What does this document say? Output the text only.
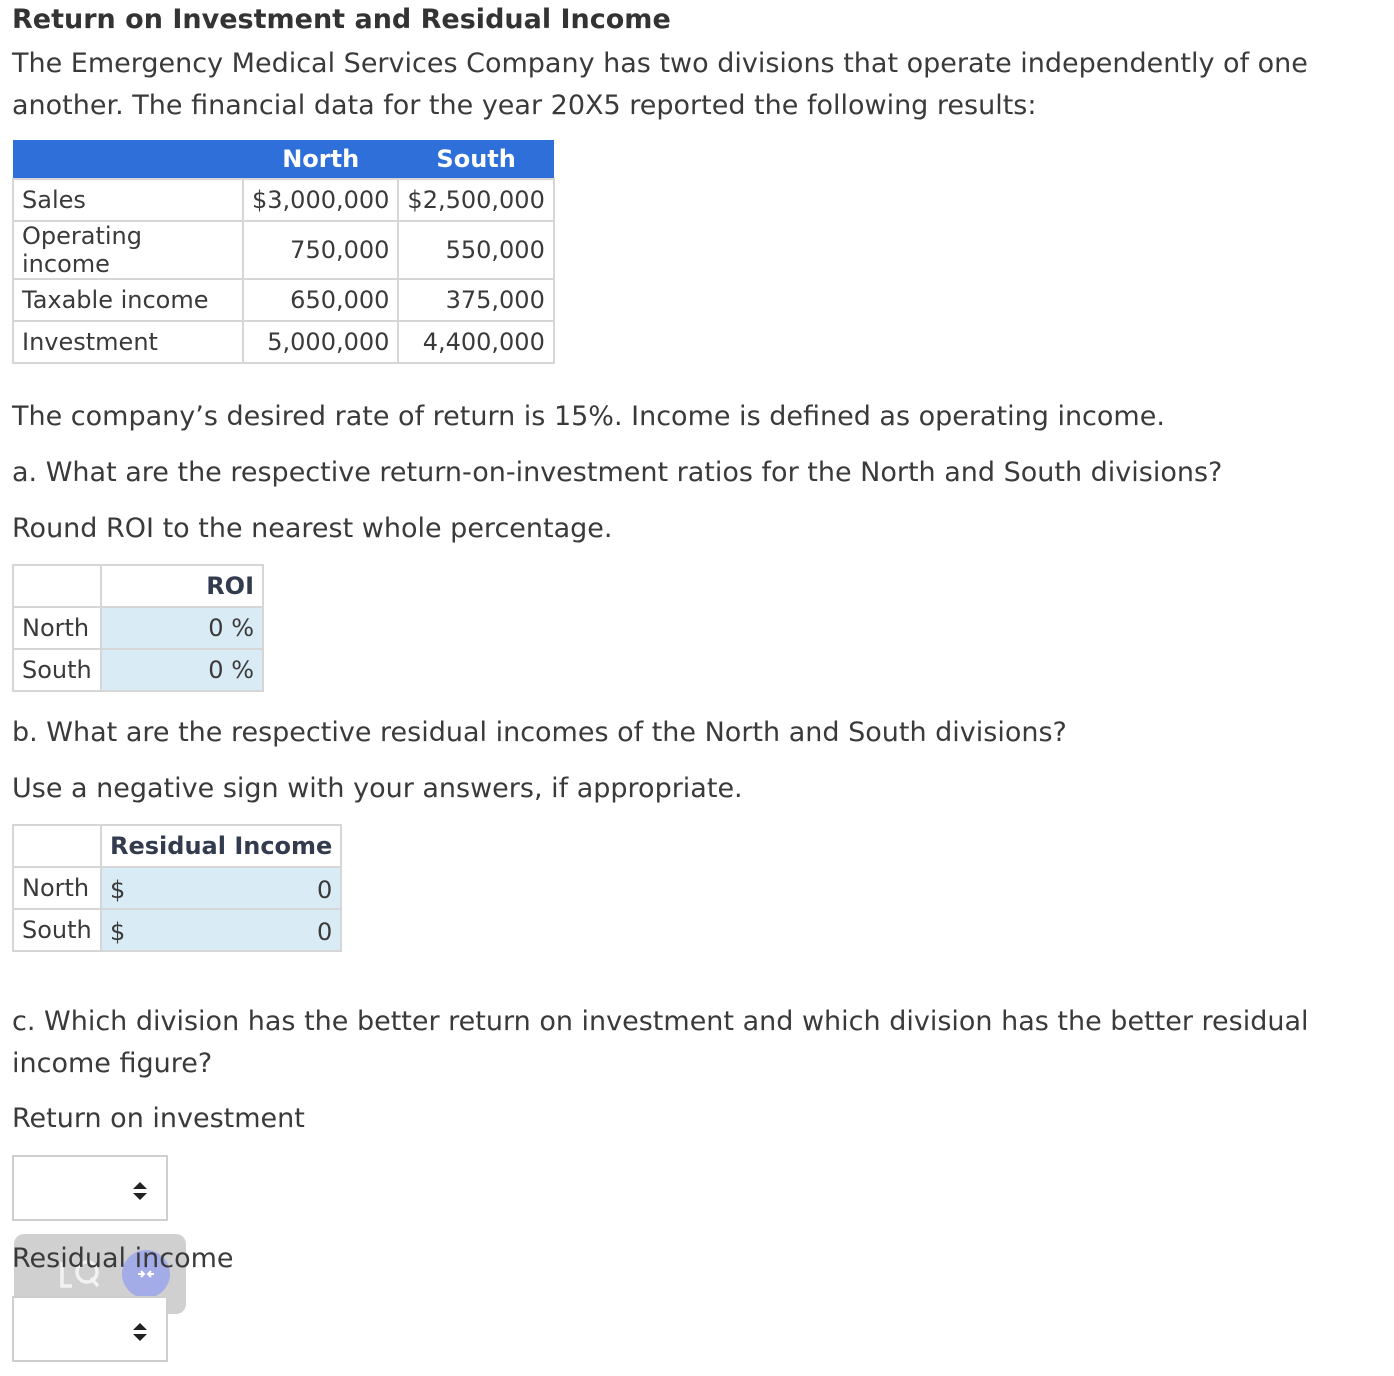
Return on Investment and Residual Income
The Emergency Medical Services Company has two divisions that operate independently of one another. The financial data for the year 20X5 reported the following results:
	North	South
Sales	$3,000,000	$2,500,000
Operating income	750,000	550,000
Taxable income	650,000	375,000
Investment	5,000,000	4,400,000
The company’s desired rate of return is 15%. Income is defined as operating income.
a. What are the respective return-on-investment ratios for the North and South divisions?
Round ROI to the nearest whole percentage.
	ROI
North	0 %
South	0 %
b. What are the respective residual incomes of the North and South divisions?
Use a negative sign with your answers, if appropriate.
	Residual Income
North	$ 0

South	$ 0
c. Which division has the better return on investment and which division has the better residual income figure?
Return on investment
Residual income
